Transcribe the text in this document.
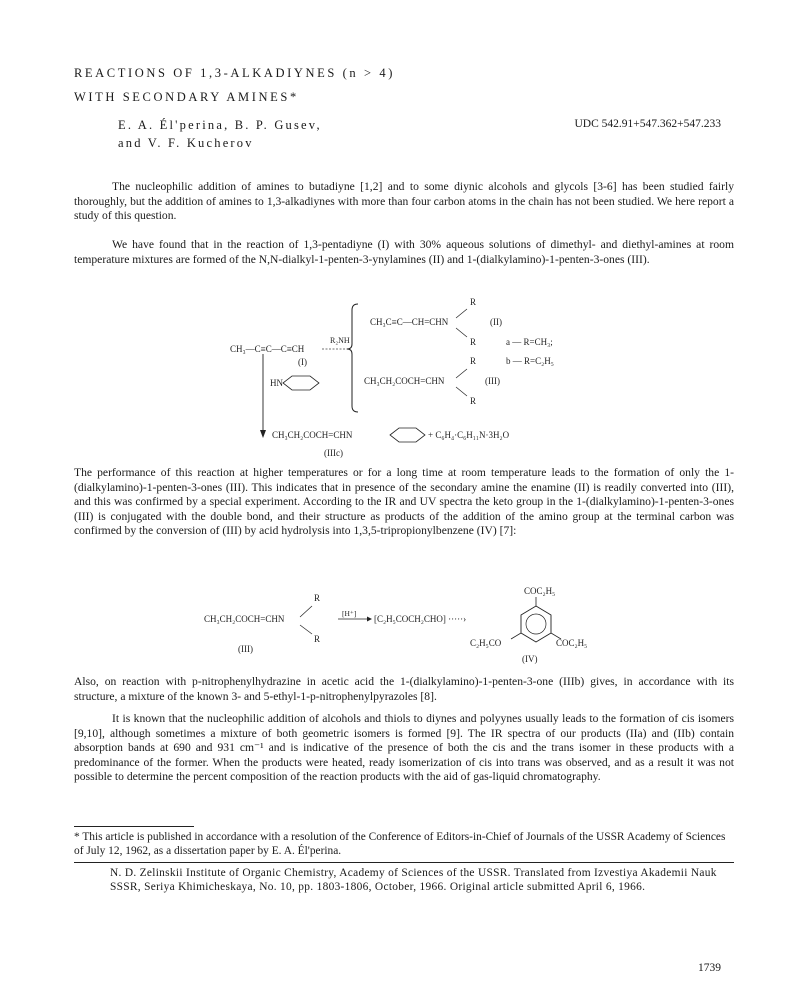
REACTIONS OF 1,3-ALKADIYNES (n > 4)
WITH SECONDARY AMINES*
E. A. Él'perina, B. P. Gusev,
and V. F. Kucherov
UDC 542.91+547.362+547.233

The nucleophilic addition of amines to butadiyne [1,2] and to some diynic alcohols and glycols [3-6] has been studied fairly thoroughly, but the addition of amines to 1,3-alkadiynes with more than four carbon atoms in the chain has not been studied. We here report a study of this question.

We have found that in the reaction of 1,3-pentadiyne (I) with 30% aqueous solutions of dimethyl- and diethyl-amines at room temperature mixtures are formed of the N,N-dialkyl-1-penten-3-ynylamines (II) and 1-(dialkylamino)-1-penten-3-ones (III).

CH₃—C≡C—C≡CH
(I)
R₂NH
CH₃C≡C—CH=CHN	(II)
R
R	a — R=CH₃;
b — R=C₂H₅
R
CH₃CH₂COCH=CHN	(III)
R
HN
CH₃CH₂COCH=CHN	+ C₆H₄·C₆H₁₁N·3H₂O
(IIIc)

The performance of this reaction at higher temperatures or for a long time at room temperature leads to the formation of only the 1-(dialkylamino)-1-penten-3-ones (III). This indicates that in presence of the secondary amine the enamine (II) is readily converted into (III), and this was confirmed by a special experiment. According to the IR and UV spectra the keto group in the 1-(dialkylamino)-1-penten-3-ones (III) is conjugated with the double bond, and their structure as products of the addition of the amino group at the terminal carbon was confirmed by the conversion of (III) by acid hydrolysis into 1,3,5-tripropionylbenzene (IV) [7]:

R
CH₃CH₂COCH=CHN
R
(III)
[H⁺]
[C₂H₅COCH₂CHO] ·····›
COC₂H₅
C₂H₅CO	COC₂H₅
(IV)

Also, on reaction with p-nitrophenylhydrazine in acetic acid the 1-(dialkylamino)-1-penten-3-one (IIIb) gives, in accordance with its structure, a mixture of the known 3- and 5-ethyl-1-p-nitrophenylpyrazoles [8].

It is known that the nucleophilic addition of alcohols and thiols to diynes and polyynes usually leads to the formation of cis isomers [9,10], although sometimes a mixture of both geometric isomers is formed [9]. The IR spectra of our products (IIa) and (IIb) contain absorption bands at 690 and 931 cm⁻¹ and is indicative of the presence of both the cis and the trans isomer in these products with a predominance of the former. When the products were heated, ready isomerization of cis into trans was observed, and as a result it was not possible to determine the percent composition of the reaction products with the aid of gas-liquid chromatography.

* This article is published in accordance with a resolution of the Conference of Editors-in-Chief of Journals of the USSR Academy of Sciences of July 12, 1962, as a dissertation paper by E. A. Él'perina.

N. D. Zelinskii Institute of Organic Chemistry, Academy of Sciences of the USSR. Translated from Izvestiya Akademii Nauk SSSR, Seriya Khimicheskaya, No. 10, pp. 1803-1806, October, 1966. Original article submitted April 6, 1966.

1739
